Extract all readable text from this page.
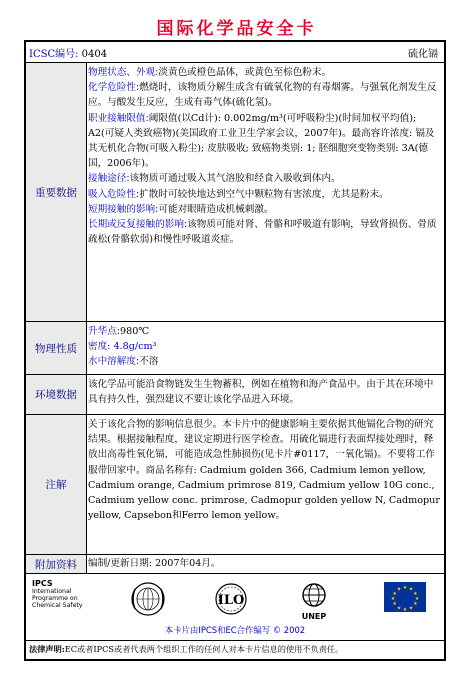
国际化学品安全卡
ICSC编号: 0404	硫化镉
重要数据

物理状态、外观:淡黄色或橙色晶体，或黄色至棕色粉末。

化学危险性:燃烧时，该物质分解生成含有硫氧化物的有毒烟雾。与强氧化剂发生反应。与酸发生反应，生成有毒气体(硫化氢)。

职业接触限值:阈限值(以Cd计): 0.002mg/m³(可呼吸粉尘)(时间加权平均值); A2(可疑人类致癌物)(美国政府工业卫生学家会议，2007年)。最高容许浓度: 镉及其无机化合物(可吸入粉尘); 皮肤吸收; 致癌物类别: 1; 胚细胞突变物类别: 3A(德国，2006年)。

接触途径:该物质可通过吸入其气溶胶和经食入吸收到体内。

吸入危险性:扩散时可较快地达到空气中颗粒物有害浓度，尤其是粉末。

短期接触的影响:可能对眼睛造成机械刺激。

长期或反复接触的影响:该物质可能对肾、骨骼和呼吸道有影响，导致肾损伤、骨质疏松(骨骼软弱)和慢性呼吸道炎症。

物理性质

升华点:980℃

密度: 4.8g/cm³

水中溶解度:不溶

环境数据
该化学品可能沿食物链发生生物蓄积，例如在植物和海产食品中。由于其在环境中具有持久性，强烈建议不要让该化学品进入环境。
注解
关于该化合物的影响信息很少。本卡片中的健康影响主要依据其他镉化合物的研究结果。根据接触程度，建议定期进行医学检查。用硫化镉进行表面焊接处理时，释放出高毒性氧化镉，可能造成急性肺损伤(见卡片#0117，一氧化镉)。不要将工作服带回家中。商品名称有: Cadmium golden 366, Cadmium lemon yellow, Cadmium orange, Cadmium primrose 819, Cadmium yellow 10G conc., Cadmium yellow conc. primrose, Cadmopur golden yellow N, Cadmopur yellow, Capsebon和Ferro lemon yellow。
附加资料	编制/更新日期: 2007年04月。
IPCS
International
Programme on
Chemical Safety	ILO
★ ★
★
★
★
★
★
★
★
★
★
★
UNEP
本卡片由IPCS和EC合作编写 © 2002
法律声明:EC或者IPCS或者代表两个组织工作的任何人对本卡片信息的使用不负责任。
